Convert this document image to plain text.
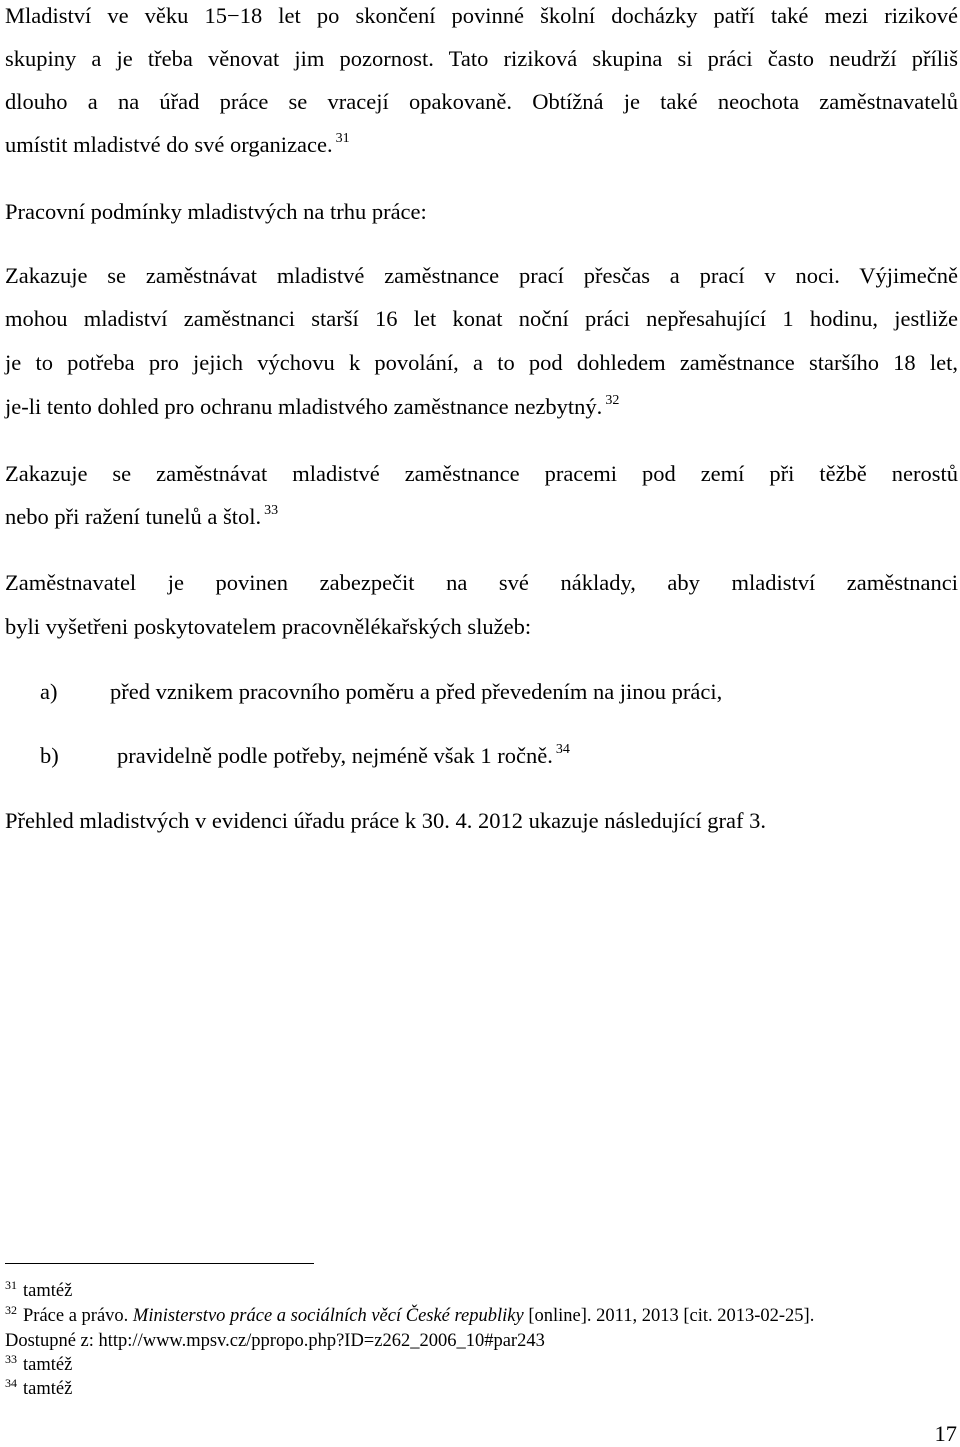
Mladiství ve věku 15−18 let po skončení povinné školní docházky patří také mezi rizikové
skupiny a je třeba věnovat jim pozornost. Tato riziková skupina si práci často neudrží příliš
dlouho a na úřad práce se vracejí opakovaně. Obtížná je také neochota zaměstnavatelů
umístit mladistvé do své organizace. $^{31}$
Pracovní podmínky mladistvých na trhu práce:
Zakazuje se zaměstnávat mladistvé zaměstnance prací přesčas a prací v noci. Výjimečně
mohou mladiství zaměstnanci starší 16 let konat noční práci nepřesahující 1 hodinu, jestliže
je to potřeba pro jejich výchovu k povolání, a to pod dohledem zaměstnance staršího 18 let,
je-li tento dohled pro ochranu mladistvého zaměstnance nezbytný. $^{32}$
Zakazuje se zaměstnávat mladistvé zaměstnance pracemi pod zemí při těžbě nerostů
nebo při ražení tunelů a štol. $^{33}$
Zaměstnavatel je povinen zabezpečit na své náklady, aby mladiství zaměstnanci
byli vyšetřeni poskytovatelem pracovnělékařských služeb:
a) před vznikem pracovního poměru a před převedením na jinou práci,
b)	pravidelně podle potřeby, nejméně však 1 ročně. $^{34}$
Přehled mladistvých v evidenci úřadu práce k 30. 4. 2012 ukazuje následující graf 3.
$^{31}$ tamtéž
$^{32}$ Práce a právo. Ministerstvo práce a sociálních věcí České republiky [online]. 2011, 2013 [cit. 2013-02-25].
Dostupné z: http://www.mpsv.cz/ppropo.php?ID=z262_2006_10#par243
$^{33}$ tamtéž
$^{34}$ tamtéž
17
